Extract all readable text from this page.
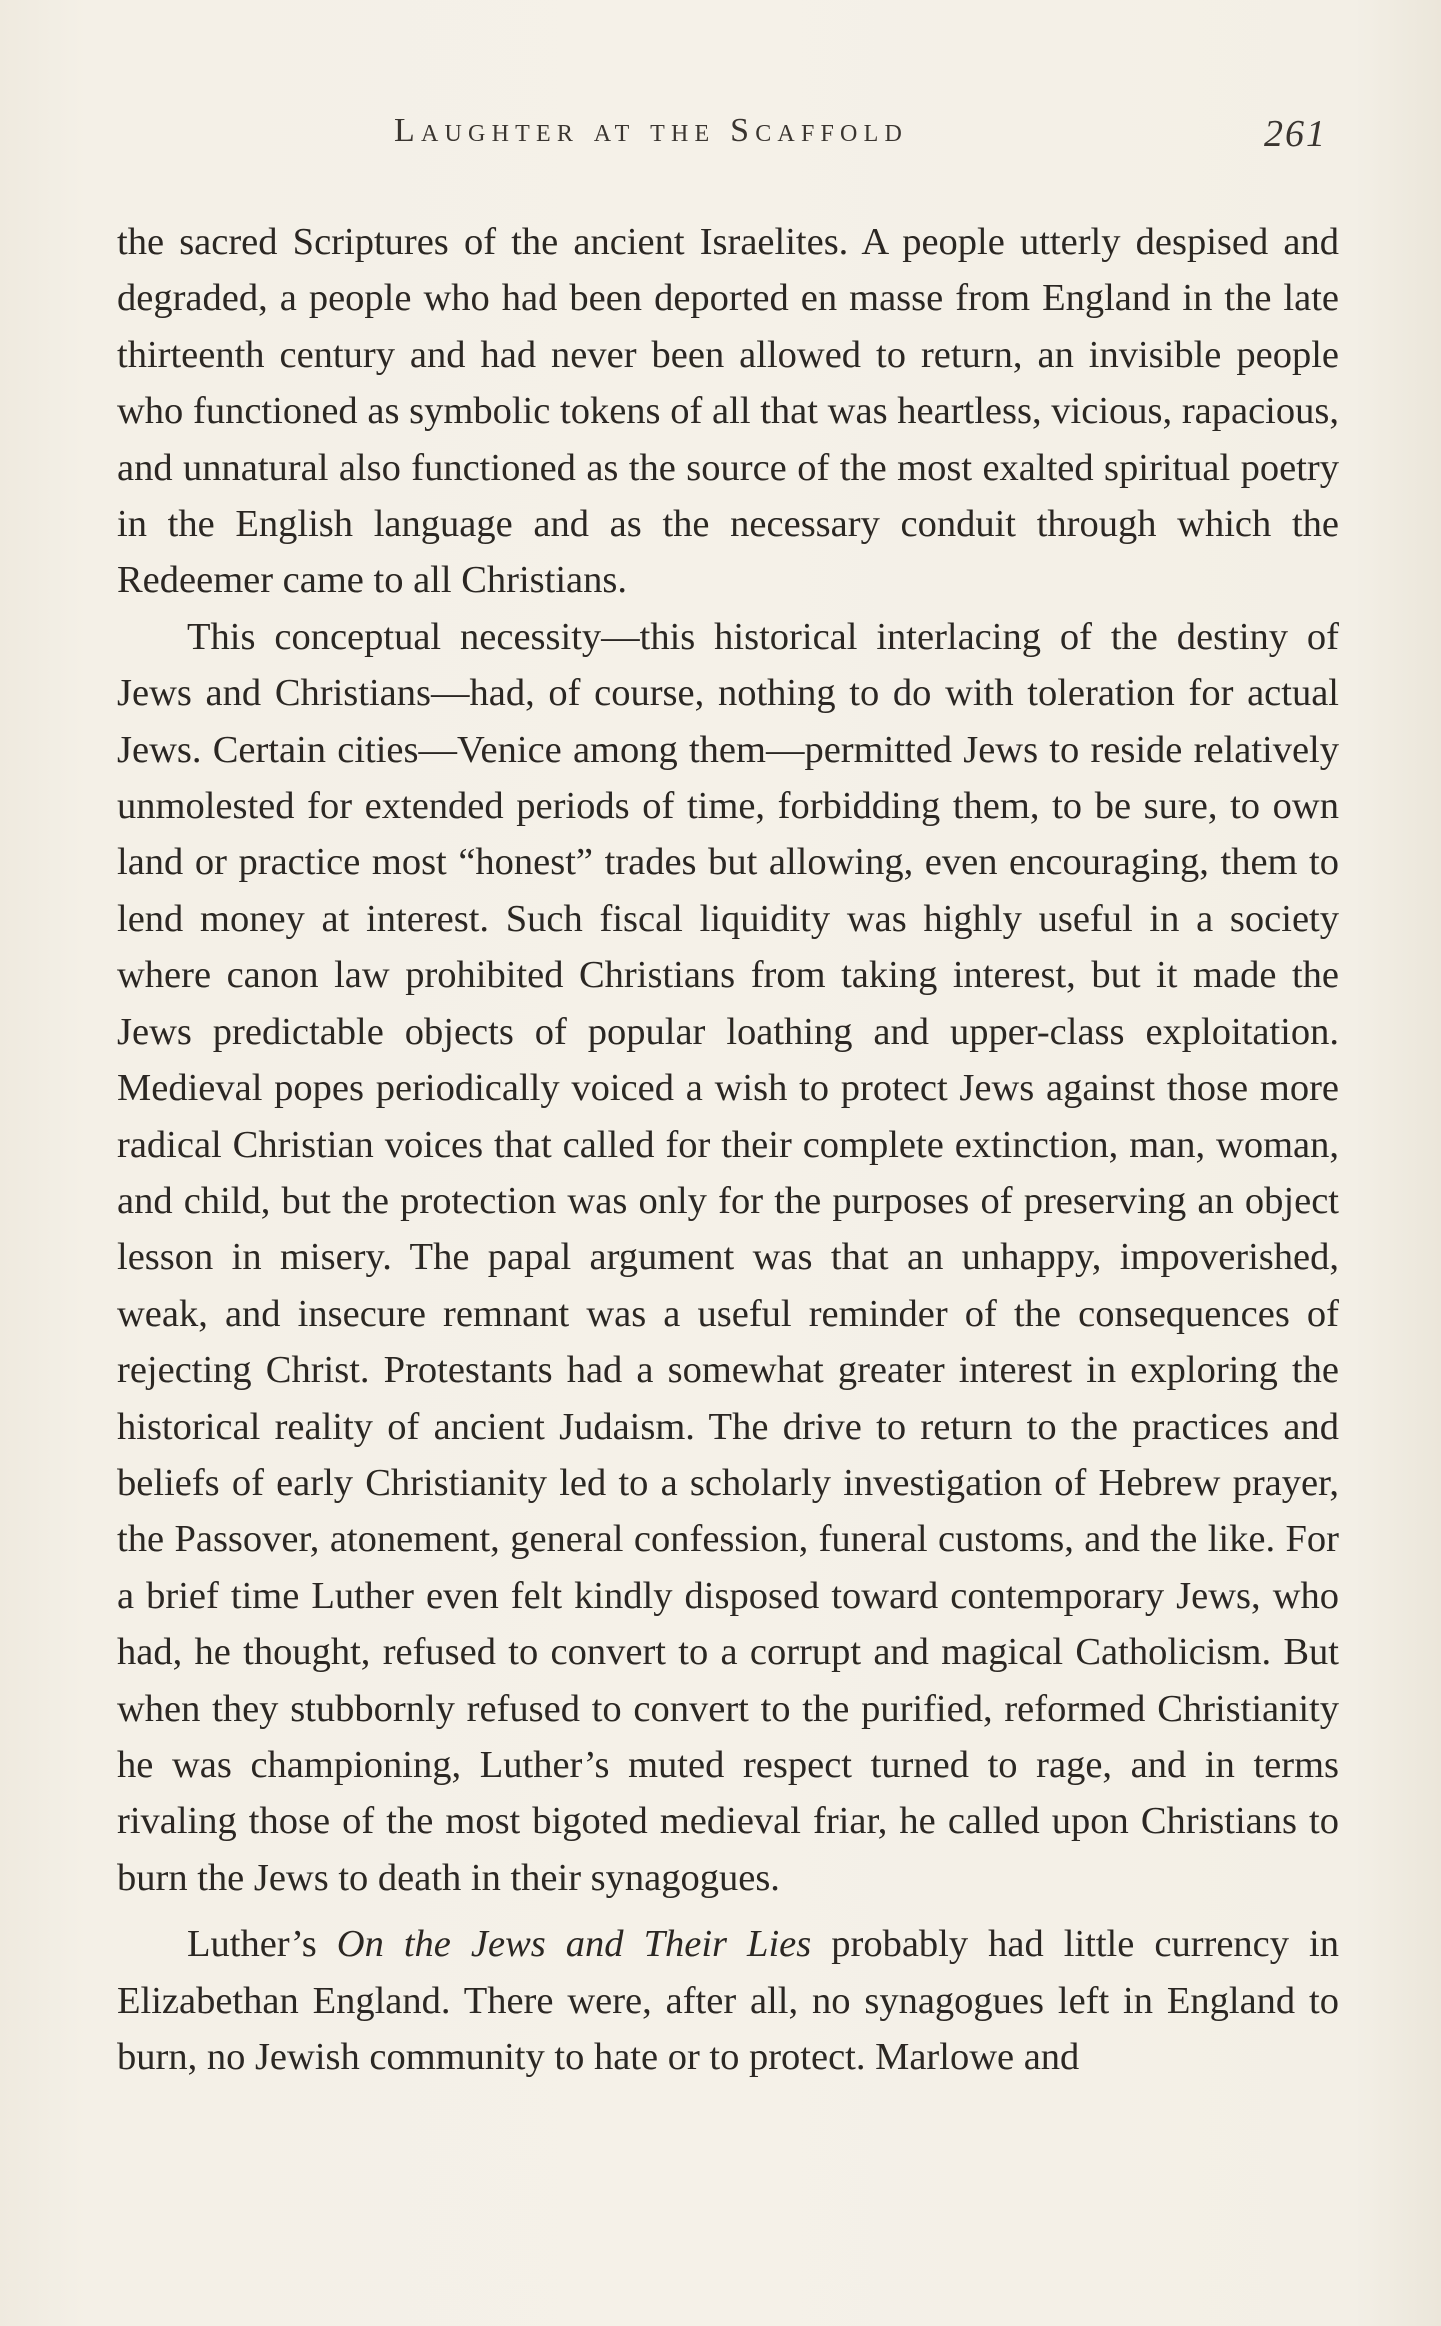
Laughter at the Scaffold	261

the sacred Scriptures of the ancient Israelites. A people utterly despised and degraded, a people who had been deported en masse from England in the late thirteenth century and had never been allowed to return, an invisible people who functioned as symbolic tokens of all that was heartless, vicious, rapacious, and unnatural also functioned as the source of the most exalted spiritual poetry in the English language and as the necessary conduit through which the Redeemer came to all Christians.

This conceptual necessity—this historical interlacing of the destiny of Jews and Christians—had, of course, nothing to do with toleration for actual Jews. Certain cities—Venice among them—permitted Jews to reside relatively unmolested for extended periods of time, forbidding them, to be sure, to own land or practice most “honest” trades but allowing, even encouraging, them to lend money at interest. Such fiscal liquidity was highly useful in a society where canon law prohibited Christians from taking interest, but it made the Jews predictable objects of popular loathing and upper-class exploitation. Medieval popes periodically voiced a wish to protect Jews against those more radical Christian voices that called for their complete extinction, man, woman, and child, but the protection was only for the purposes of preserving an object lesson in misery. The papal argument was that an unhappy, impoverished, weak, and insecure remnant was a useful reminder of the consequences of rejecting Christ. Protestants had a somewhat greater interest in exploring the historical reality of ancient Judaism. The drive to return to the practices and beliefs of early Christianity led to a scholarly investigation of Hebrew prayer, the Passover, atonement, general confession, funeral customs, and the like. For a brief time Luther even felt kindly disposed toward contemporary Jews, who had, he thought, refused to convert to a corrupt and magical Catholicism. But when they stubbornly refused to convert to the purified, reformed Christianity he was championing, Luther’s muted respect turned to rage, and in terms rivaling those of the most bigoted medieval friar, he called upon Christians to burn the Jews to death in their synagogues.

Luther’s On the Jews and Their Lies probably had little currency in Elizabethan England. There were, after all, no synagogues left in England to burn, no Jewish community to hate or to protect. Marlowe and
